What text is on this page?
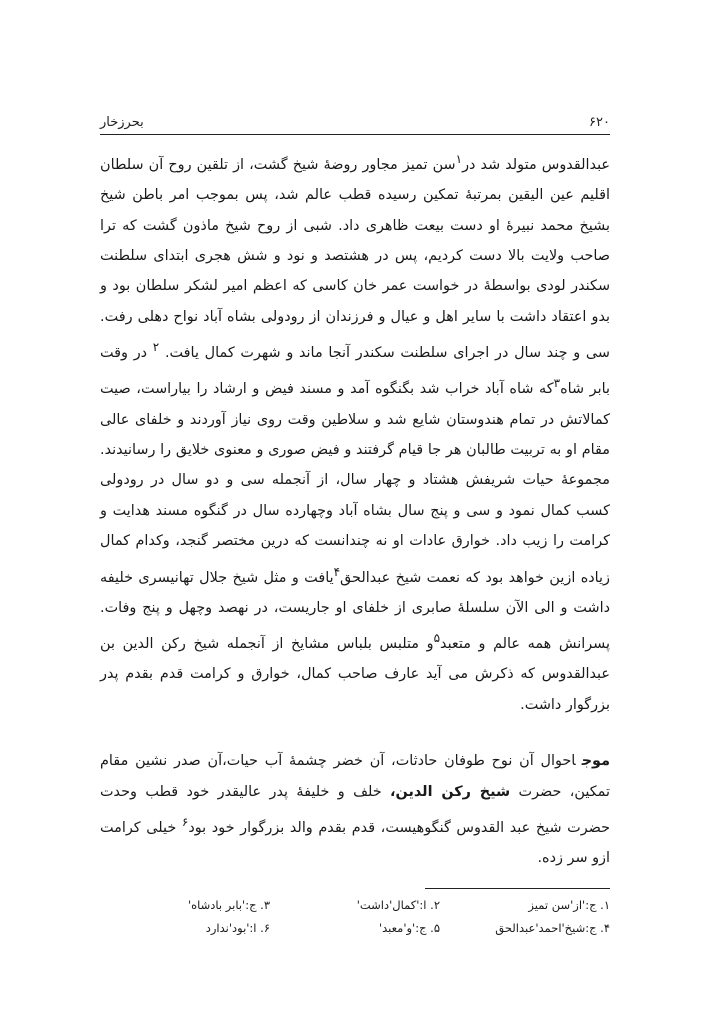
۶۲۰
بحرزخار

عبدالقدوس متولد شد در$^۱$سن تمیز مجاور روضهٔ شیخ گشت، از تلقین روح آن سلطان اقلیم عین الیقین بمرتبهٔ تمکین رسیده قطب عالم شد، پس بموجب امر باطن شیخ بشیخ محمد نبیرهٔ او دست بیعت ظاهری داد. شبی از روح شیخ ماذون گشت که ترا صاحب ولایت بالا دست کردیم، پس در هشتصد و نود و شش هجری ابتدای سلطنت سکندر لودی بواسطهٔ در خواست عمر خان کاسی که اعظم امیر لشکر سلطان بود و بدو اعتقاد داشت با سایر اهل و عیال و فرزندان از رودولی بشاه آباد نواح دهلی رفت. سی و چند سال در اجرای سلطنت سکندر آنجا ماند و شهرت کمال یافت. $^۲$ در وقت بابر شاه$^۳$که شاه آباد خراب شد بگنگوه آمد و مسند فیض و ارشاد را بیاراست، صیت کمالاتش در تمام هندوستان شایع شد و سلاطین وقت روی نیاز آوردند و خلفای عالی مقام او به تربیت طالبان هر جا قیام گرفتند و فیض صوری و معنوی خلایق را رسانیدند. مجموعهٔ حیات شریفش هشتاد و چهار سال، از آنجمله سی و دو سال در رودولی کسب کمال نمود و سی و پنج سال بشاه آباد وچهارده سال در گنگوه مسند هدایت و کرامت را زیب داد. خوارق عادات او نه چندانست که درین مختصر گنجد، وکدام کمال زیاده ازین خواهد بود که نعمت شیخ عبدالحق$^۴$یافت و مثل شیخ جلال تهانیسری خلیفه داشت و الی الآن سلسلهٔ صابری از خلفای او جاریست، در نهصد وچهل و پنج وفات. پسرانش همه عالم و متعبد$^۵$و متلبس بلباس مشایخ از آنجمله شیخ رکن الدین بن عبدالقدوس که ذکرش می آید عارف صاحب کمال، خوارق و کرامت قدم بقدم پدر بزرگوار داشت.

موجاحوال آن نوح طوفان حادثات، آن خضر چشمهٔ آب حیات،آن صدر نشین مقام تمکین، حضرت شیخ رکن الدین، خلف و خلیفهٔ پدر عالیقدر خود قطب وحدت حضرت شیخ عبد القدوس گنگوهیست، قدم بقدم والد بزرگوار خود بود$^۶$ خیلی کرامت ازو سر زده.

۱. ج:'از'سن تمیز
۲. ا:'کمال'داشت'
۳. ج:'بابر بادشاه'
۴. ج:شیخ'احمد'عبدالحق
۵. ج:'و'معبد'
۶. ا:'بود'ندارد
